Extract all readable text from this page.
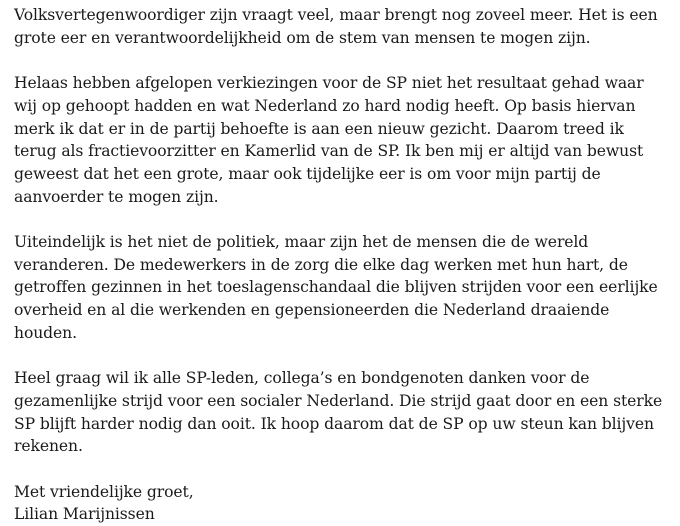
Volksvertegenwoordiger zijn vraagt veel, maar brengt nog zoveel meer. Het is een
grote eer en verantwoordelijkheid om de stem van mensen te mogen zijn.

Helaas hebben afgelopen verkiezingen voor de SP niet het resultaat gehad waar
wij op gehoopt hadden en wat Nederland zo hard nodig heeft. Op basis hiervan
merk ik dat er in de partij behoefte is aan een nieuw gezicht. Daarom treed ik
terug als fractievoorzitter en Kamerlid van de SP. Ik ben mij er altijd van bewust
geweest dat het een grote, maar ook tijdelijke eer is om voor mijn partij de
aanvoerder te mogen zijn.

Uiteindelijk is het niet de politiek, maar zijn het de mensen die de wereld
veranderen. De medewerkers in de zorg die elke dag werken met hun hart, de
getroffen gezinnen in het toeslagenschandaal die blijven strijden voor een eerlijke
overheid en al die werkenden en gepensioneerden die Nederland draaiende
houden.

Heel graag wil ik alle SP-leden, collega’s en bondgenoten danken voor de
gezamenlijke strijd voor een socialer Nederland. Die strijd gaat door en een sterke
SP blijft harder nodig dan ooit. Ik hoop daarom dat de SP op uw steun kan blijven
rekenen.

Met vriendelijke groet,
Lilian Marijnissen
